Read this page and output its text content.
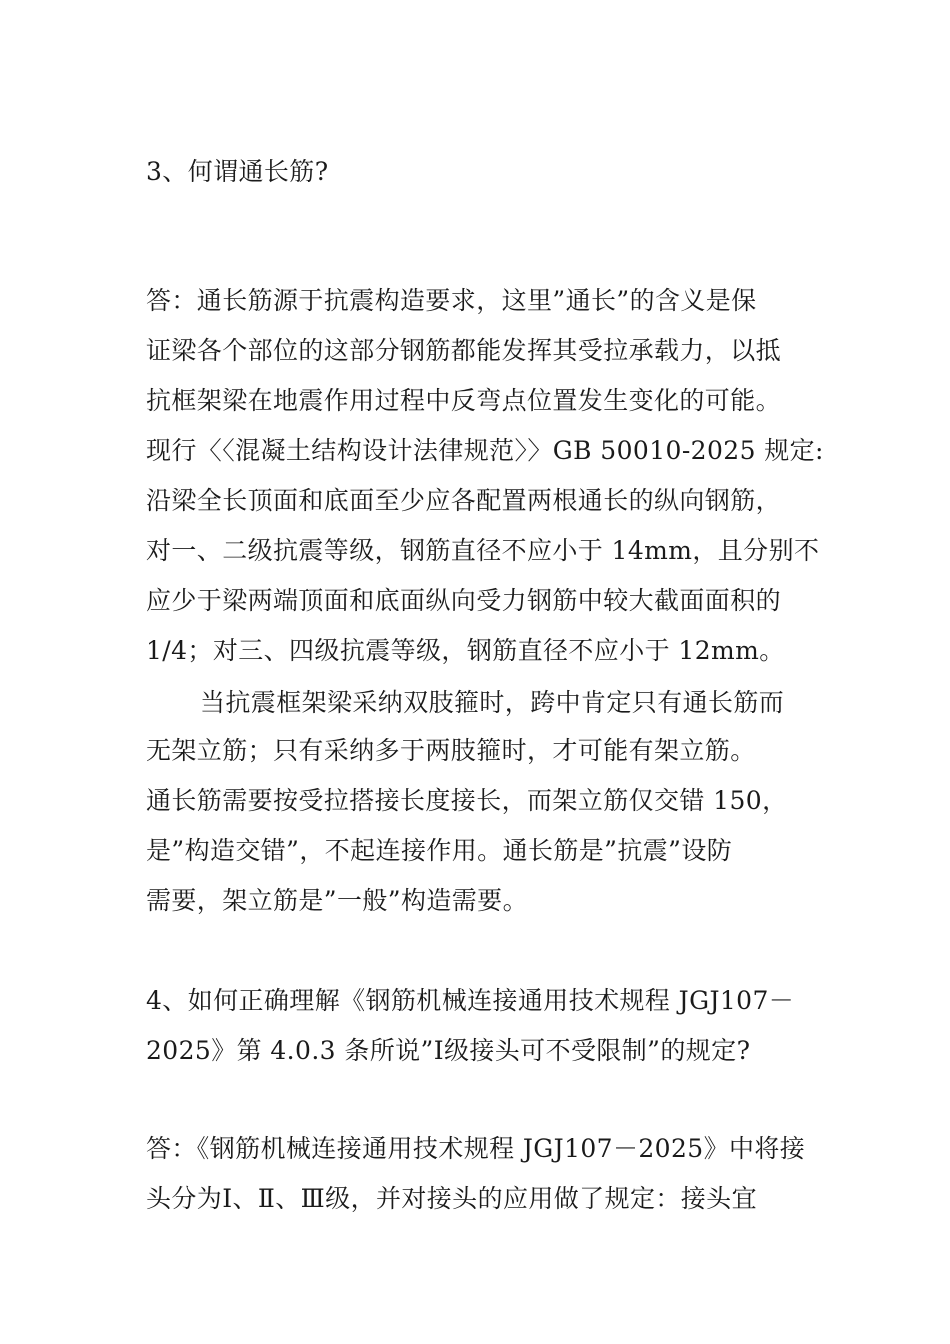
3、何谓通长筋?
答：通长筋源于抗震构造要求，这里”通长”的含义是保
证梁各个部位的这部分钢筋都能发挥其受拉承载力，以抵
抗框架梁在地震作用过程中反弯点位置发生变化的可能。
现行〈〈混凝土结构设计法律规范〉〉GB 50010-2025 规定:
沿梁全长顶面和底面至少应各配置两根通长的纵向钢筋，
对一、二级抗震等级，钢筋直径不应小于 14mm，且分别不
应少于梁两端顶面和底面纵向受力钢筋中较大截面面积的
1/4；对三、四级抗震等级，钢筋直径不应小于 12mm。
当抗震框架梁采纳双肢箍时，跨中肯定只有通长筋而
无架立筋；只有采纳多于两肢箍时，才可能有架立筋。
通长筋需要按受拉搭接长度接长，而架立筋仅交错 150，
是”构造交错”，不起连接作用。通长筋是”抗震”设防
需要，架立筋是”一般”构造需要。
4、如何正确理解《钢筋机械连接通用技术规程 JGJ107－
2025》第 4.0.3 条所说”Ⅰ级接头可不受限制”的规定?
答：《钢筋机械连接通用技术规程 JGJ107－2025》中将接
头分为Ⅰ、Ⅱ、Ⅲ级，并对接头的应用做了规定：接头宜
